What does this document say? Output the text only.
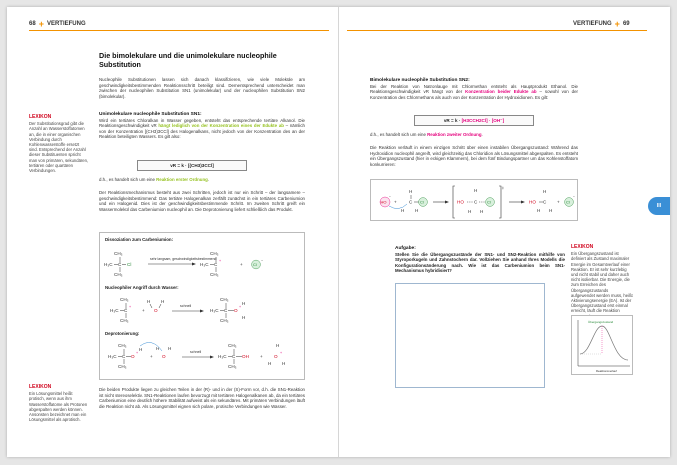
68 + VERTIEFUNG
Die bimolekulare und die unimolekulare nucleophile Substitution
Nucleophile Substitutionen lassen sich danach klassifizieren, wie viele Moleküle am geschwindigkeitsbestimmenden Reaktionsschritt beteiligt sind. Dementsprechend unterscheidet man zwischen der nucleophilen Substitution SN1 (unimolekular) und der nucleophilen Substitution SN2 (bimolekular).
Unimolekulare nucleophile Substitution SN1:
Wird ein tertiäres Chloralkan in Wasser gegeben, entsteht das entsprechende tertiäre Alkanol. Die Reaktionsgeschwindigkeit vR hängt lediglich von der Konzentration eines der Edukte ab – nämlich von der Konzentration [(CH3)3CCl] des Halogenalkans, nicht jedoch von der Konzentration des an der Reaktion beteiligten Wassers. Es gilt also:
vR = k · [(CH3)3CCl]
d.h., es handelt sich um eine Reaktion erster Ordnung.
Der Reaktionsmechanismus besteht aus zwei Schritten, jedoch ist nur ein Schritt – der langsamere – geschwindigkeitsbestimmend: Das tertiäre Halogenalkan zerfällt zunächst in ein tertiäres Carbeniumion und ein Halogenid. Dies ist der geschwindigkeitsbestimmende Schritt. Im zweiten Schritt greift ein Wassermolekül das Carbeniumion nucleophil an. Die Deprotonierung liefert schließlich das Produkt.
Dissoziation zum Carbeniumion:
Nucleophiler Angriff durch Wasser:
Deprotonierung:
CH₃
H₃C C Cl
CH₃
sehr langsam, geschwindigkeitsbestimmend
CH₃
H₃C C
+
CH₃
+	Cl
−
CH₃
H₃C C
+
CH₃
+ O
H H
schnell
CH₃
H₃C C O
+
H
H
CH₃
CH₃
H₃C C O
+
H
CH₃
+ O
H H
schnell
CH₃
H₃C C OH
CH₃
+
H
O
+
H H
Die beiden Produkte liegen zu gleichen Teilen in der (R)- und in der (S)-Form vor, d.h. die SN1-Reaktion ist nicht stereoselektiv. SN1-Reaktionen laufen bevorzugt mit tertiären Halogenalkanen ab, da ein tertiäres Carbeniumion eine deutlich höhere Stabilität aufweist als ein sekundäres. Mit primären Verbindungen läuft die Reaktion nicht ab. Als Lösungsmittel eignen sich polare, protische Verbindungen wie Wasser.
LEXIKON
Der Substitutionsgrad gibt die Anzahl an Wasserstoffatomen an, die in einer organischen Verbindung durch Kohlenwasserstoffe ersetzt sind. Entsprechend der Anzahl dieser Substituenten spricht man von primären, sekundären, tertiären oder quartären Verbindungen.
LEXIKON
Ein Lösungsmittel heißt protisch, wenn aus ihm Wasserstoffatome als Protonen abgespalten werden können. Ansonsten bezeichnet man ein Lösungsmittel als aprotisch.
VERTIEFUNG + 69
Bimolekulare nucleophile Substitution SN2:
Bei der Reaktion von Natronlauge mit Chlormethan entsteht als Hauptprodukt Ethanol. Die Reaktionsgeschwindigkeit vR hängt von der Konzentration beider Edukte ab – sowohl von der Konzentration des Chlormethans als auch von der Konzentration der Hydroxidionen. Es gilt:
vR = k · [H3CCH2Cl] · [OH⁻]
d.h., es handelt sich um eine Reaktion zweiter Ordnung.
Die Reaktion verläuft in einem einzigen Schritt über einen instabilen Übergangszustand: Während das Hydroxidion nucleophil angreift, wird gleichzeitig das Chloridion als Lösungsmittel abgespalten. Es entsteht ein Übergangszustand (hier in eckigen Klammern), bei dem fünf Bindungspartner um das Kohlenstoffatom konkurrieren:
HO
−
+
H
C
H H
Cl	HO C
H
H H
Cl
‡
HO C
H
H H
+ Cl
−
Aufgabe:
Stellen Sie die Übergangszustände der SN1- und SN2-Reaktion mithilfe von Styroporkugeln und Zahnstochern dar. Vollziehen Sie anhand Ihres Modells die Konfigurationsänderung nach. Wie ist das Carbeniumion beim SN1-Mechanismus hybridisiert?
LEXIKON
Ein Übergangszustand ist definiert als Zustand maximaler Energie im Gesamtverlauf einer Reaktion. Er ist sehr kurzlebig und nicht stabil und daher auch nicht isolierbar. Die Energie, die zum Erreichen des Übergangszustands aufgewendet werden muss, heißt Aktivierungsenergie (EA). Ist der Übergangszustand erst einmal erreicht, läuft die Reaktion
Übergangszustand
Reaktionsverlauf
III
